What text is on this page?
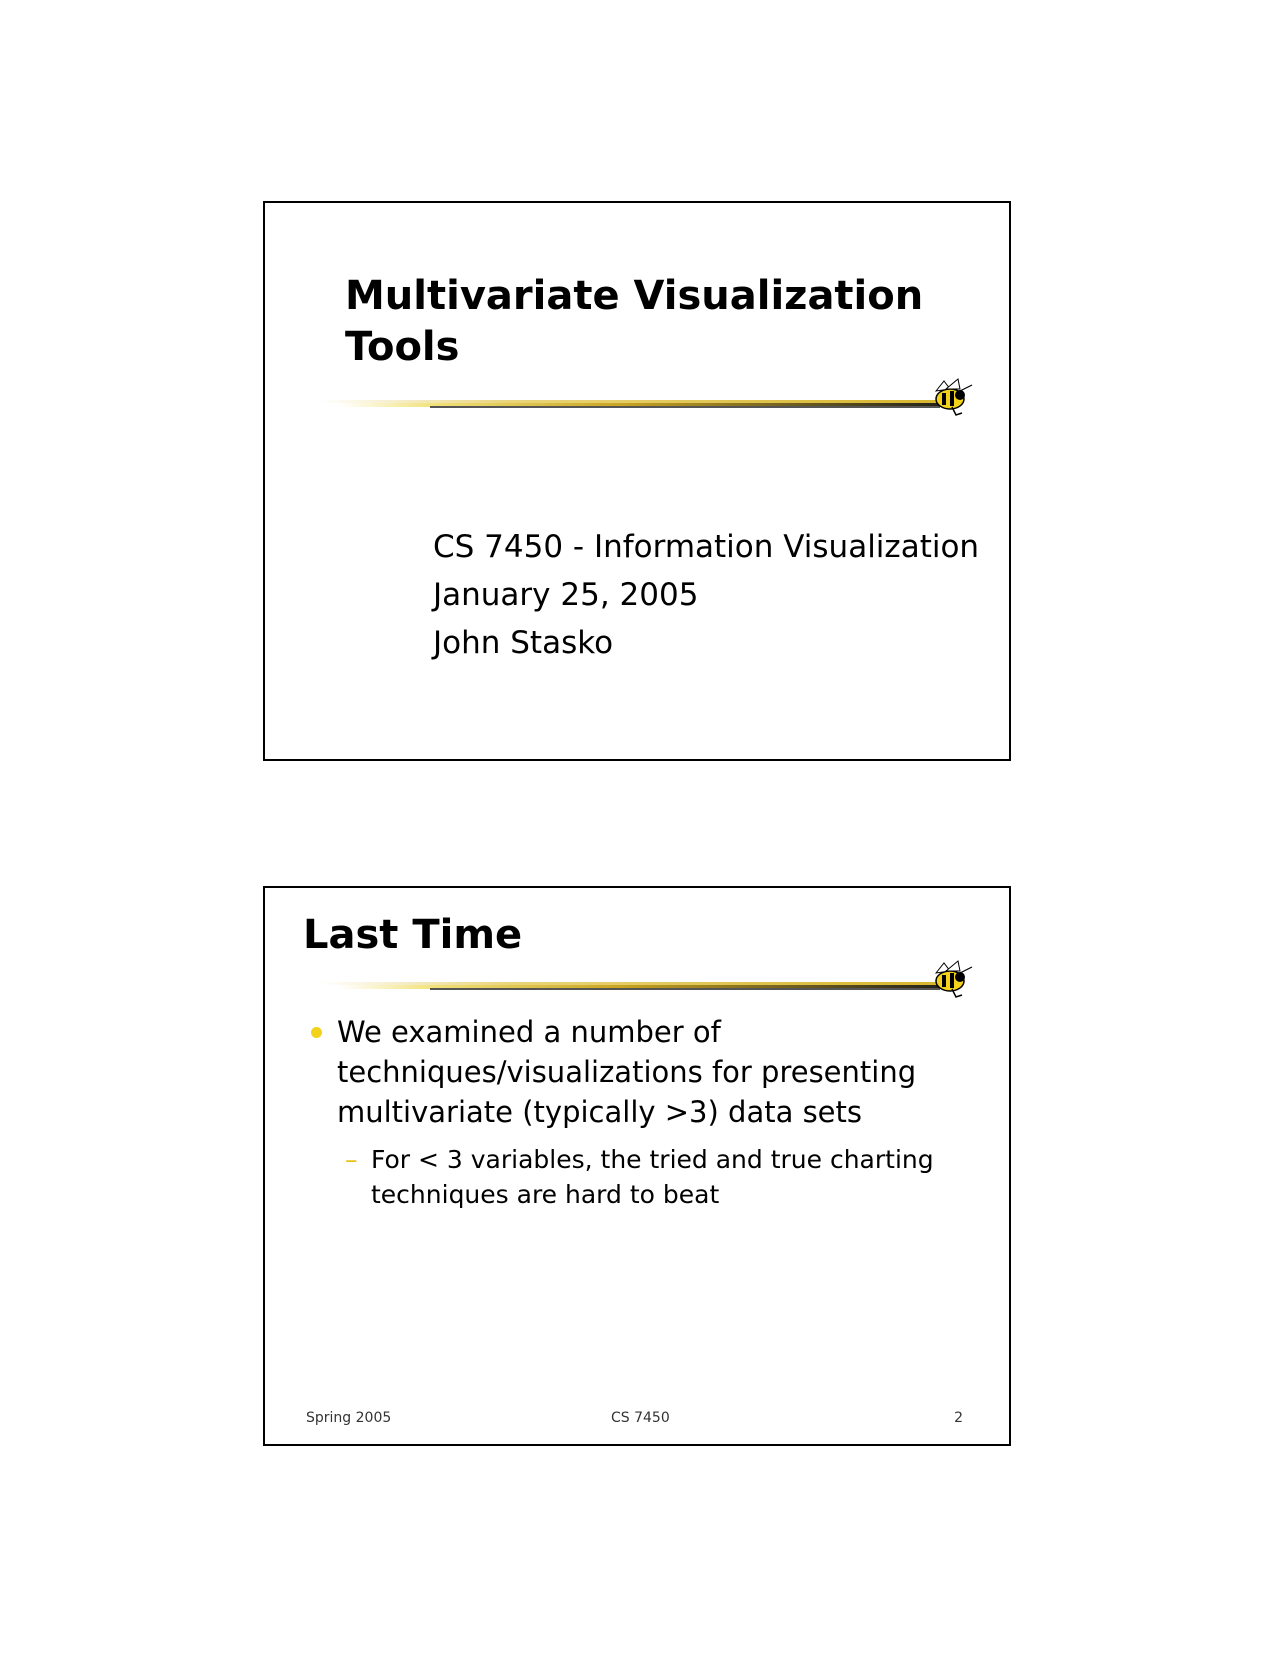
Multivariate Visualization Tools
CS 7450 - Information Visualization
January 25, 2005
John Stasko
Last Time
We examined a number of techniques/visualizations for presenting multivariate (typically >3) data sets
– For < 3 variables, the tried and true charting techniques are hard to beat
Spring 2005	CS 7450	2
